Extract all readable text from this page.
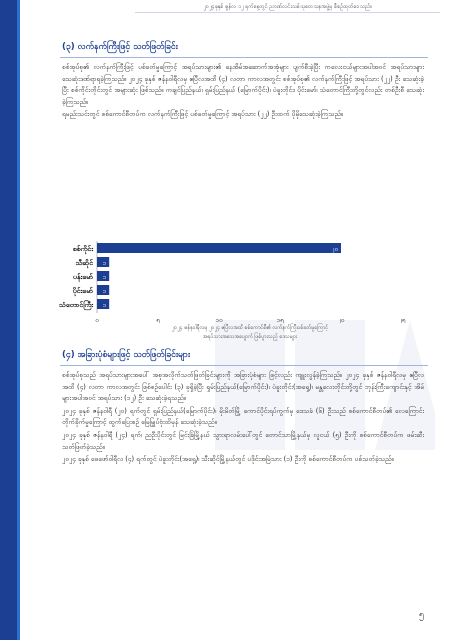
၂၀၂၄ခုနှစ် ဇွန်လ ၁၂ ရက်နေ့တွင် ညာဏ်လင်းသစ်သုတေသနအဖွဲ့မှ စီစဉ်ထုတ်ဝေသည်။
(၃) လက်နက်ကြီးဖြင့် သတ်ဖြတ်ခြင်း

စစ်အုပ်စု၏ လက်နက်ကြီးဖြင့် ပစ်ခတ်မှုကြောင့် အရပ်သားများ၏ နေအိမ်အဆောက်အအုံများ ပျက်စီးခဲ့ပြီး ကလေးငယ်များအပါအဝင် အရပ်သားများ သေဆုံးဒဏ်ရာရခဲ့ကြသည်။ ၂၀၂၄ ခုနှစ် ဇန်နဝါရီလမှ ဧပြီလအထိ (၄) လတာ ကာလအတွင်း စစ်အုပ်စု၏ လက်နက်ကြီးဖြင့် အရပ်သား (၂၂) ဦး သေဆုံးခဲ့ပြီး စစ်ကိုင်းတိုင်းတွင် အများဆုံး ဖြစ်သည်။ ကချင်ပြည်နယ်၊ ရှမ်းပြည်နယ် (မြောက်ပိုင်း)၊ ပဲခူးတိုင်း၊ ပိုင်းမော်၊ သံတောင်ကြီးတို့တွင်လည်း တစ်ဦးစီ သေဆုံးခဲ့ကြသည်။

ရမည်းသင်းတွင် စစ်ကောင်စီတပ်က လက်နက်ကြီးဖြင့် ပစ်ခတ်မှုကြောင့် အရပ်သား (၂၂) ဦးထက် ပိုမိုသေဆုံးခဲ့ကြသည်။

စစ်ကိုင်း	၂၀
သီဆိုင် ၁
ပန်းမော် ၁
ပိုင်းမော် ၁
သံတောင်ကြီး ၁
၀	၅	၁၀	၁၅	၂၀	၂၅
၂၀၂၄ ဇန်နဝါရီလမှ ၂၀၂၄ ဧပြီလအထိ စစ်ကောင်စီ၏ လက်နက်ကြီးပစ်ခတ်မှုကြောင့်
အရပ်သားအသေအပျောက် ဖြစ်ပွားသည့် ဒေသများ
(၄) အခြားပုံစံများဖြင့် သတ်ဖြတ်ခြင်းများ

စစ်အုပ်စုသည် အရပ်သားများအပေါ် အစုအလိုက်သတ်ဖြတ်ခြင်းများကို အခြားပုံစံများ ဖြင့်လည်း ကျူးလွန်ခဲ့ကြသည်။ ၂၀၂၄ ခုနှစ် ဇန်နဝါရီလမှ ဧပြီလအထိ (၄) လတာ ကာလအတွင်း ဖြစ်စဉ်ပေါင်း (၃) ခုရှိခဲ့ပြီး ရှမ်းပြည်နယ်(မြောက်ပိုင်း)၊ ပဲခူးတိုင်း(အရှေ့)၊ မန္တလေးတိုင်းတို့တွင် ဘုန်းကြီးကျောင်းနှင့် အိမ်များအပါအဝင် အရပ်သား (၁၂) ဦး သေဆုံးခဲ့ရသည်။

၂၀၂၄ ခုနှစ် ဇန်နဝါရီ (၂၀) ရက်တွင် ရှမ်းပြည်နယ်(မြောက်ပိုင်း)၊ မိုးမိတ်မြို့ ကောင်ပိုင်းရပ်ကွက်မှ ဒေသခံ (၆) ဦးသည် စစ်ကောင်စီတပ်၏ လေကြောင်းတိုက်ခိုက်မှုကြောင့် ထွက်ပြေးစဉ် မြေမြှုပ်ဗုံးထိမှန် သေဆုံးခဲ့သည်။

၂၀၂၄ ခုနှစ် ဇန်နဝါရီ (၂၄) ရက်၊ ညဦးပိုင်းတွင် မြင်းခြံမြို့နယ် သွားရာလမ်းပေါ်တွင် တောင်သာမြို့နယ်မှ လူငယ် (၅) ဦးကို စစ်ကောင်စီတပ်က ဖမ်းဆီးသတ်ဖြတ်ခဲ့သည်။

၂၀၂၄ ခုနှစ် ဖေဖော်ဝါရီလ (၄) ရက်တွင် ပဲခူးတိုင်း(အရှေ့)၊ သီးဆိုင်မြို့နယ်တွင် ပဒိုင်းအမြဲသား (၁) ဦးကို စစ်ကောင်စီတပ်က ပစ်သတ်ခဲ့သည်။

၅
